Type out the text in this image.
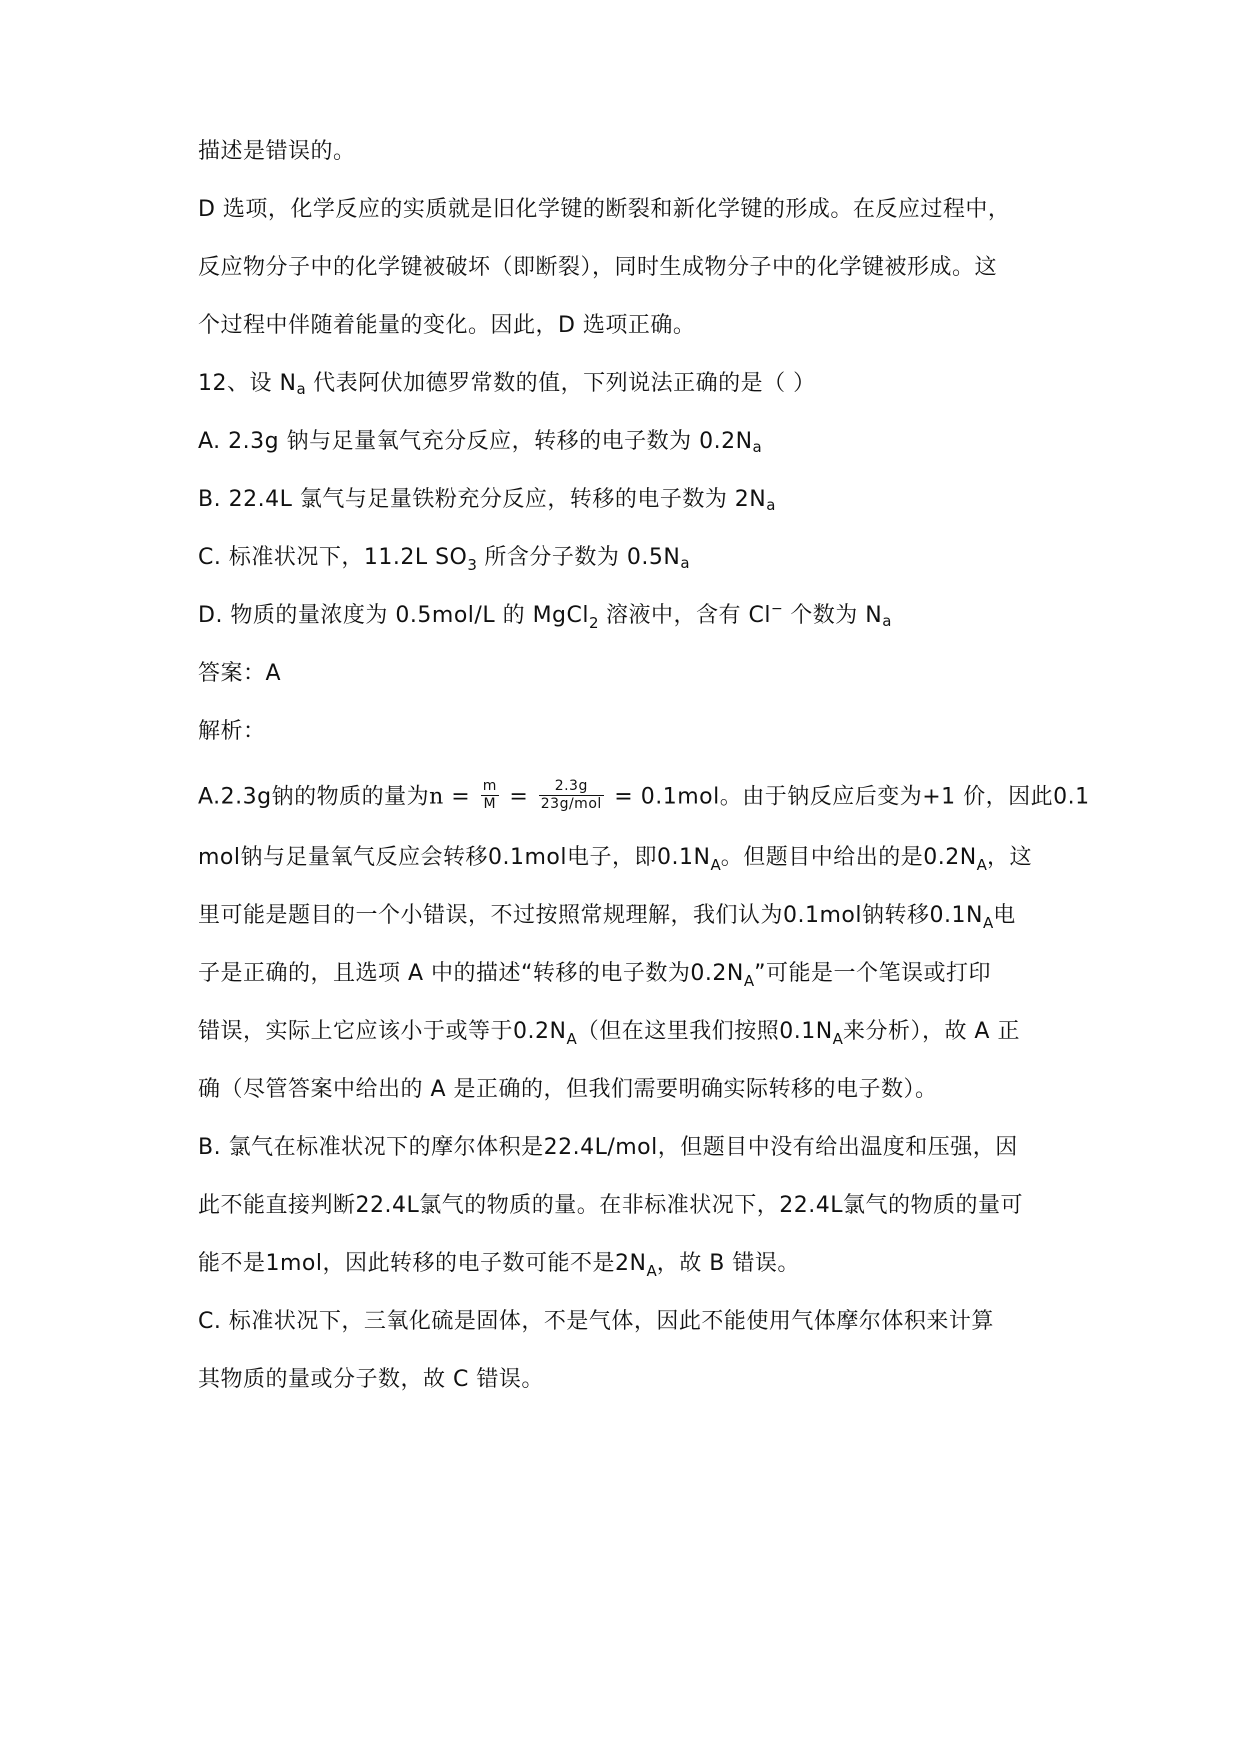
描述是错误的。
D 选项，化学反应的实质就是旧化学键的断裂和新化学键的形成。在反应过程中，
反应物分子中的化学键被破坏（即断裂），同时生成物分子中的化学键被形成。这
个过程中伴随着能量的变化。因此，D 选项正确。
12、设 Na 代表阿伏加德罗常数的值，下列说法正确的是（ ）
A. 2.3g 钠与足量氧气充分反应，转移的电子数为 0.2Na
B. 22.4L 氯气与足量铁粉充分反应，转移的电子数为 2Na
C. 标准状况下，11.2L $SO_3$ 所含分子数为 0.5Na
D. 物质的量浓度为 0.5mol/L 的 MgCl$_2$ 溶液中，含有 Cl− 个数为 Na
答案：A
解析：
A.2.3g钠的物质的量为$n = \frac{m}{M} = \frac{2.3g}{\text{23g/mol}} = 0.1mol$。由于钠反应后变为+1 价，因此0.1
mol钠与足量氧气反应会转移0.1mol电子，即$0.1N_A$。但题目中给出的是$0.2N_A$，这
里可能是题目的一个小错误，不过按照常规理解，我们认为0.1mol钠转移$0.1N_A$电
子是正确的，且选项 A 中的描述“转移的电子数为$0.2N_A$”可能是一个笔误或打印
错误，实际上它应该小于或等于$0.2N_A$（但在这里我们按照$0.1N_A$来分析），故 A 正
确（尽管答案中给出的 A 是正确的，但我们需要明确实际转移的电子数）。
B. 氯气在标准状况下的摩尔体积是22.4L/mol，但题目中没有给出温度和压强，因
此不能直接判断22.4L氯气的物质的量。在非标准状况下，22.4L氯气的物质的量可
能不是1mol，因此转移的电子数可能不是$2N_A$，故 B 错误。
C. 标准状况下，三氧化硫是固体，不是气体，因此不能使用气体摩尔体积来计算
其物质的量或分子数，故 C 错误。
